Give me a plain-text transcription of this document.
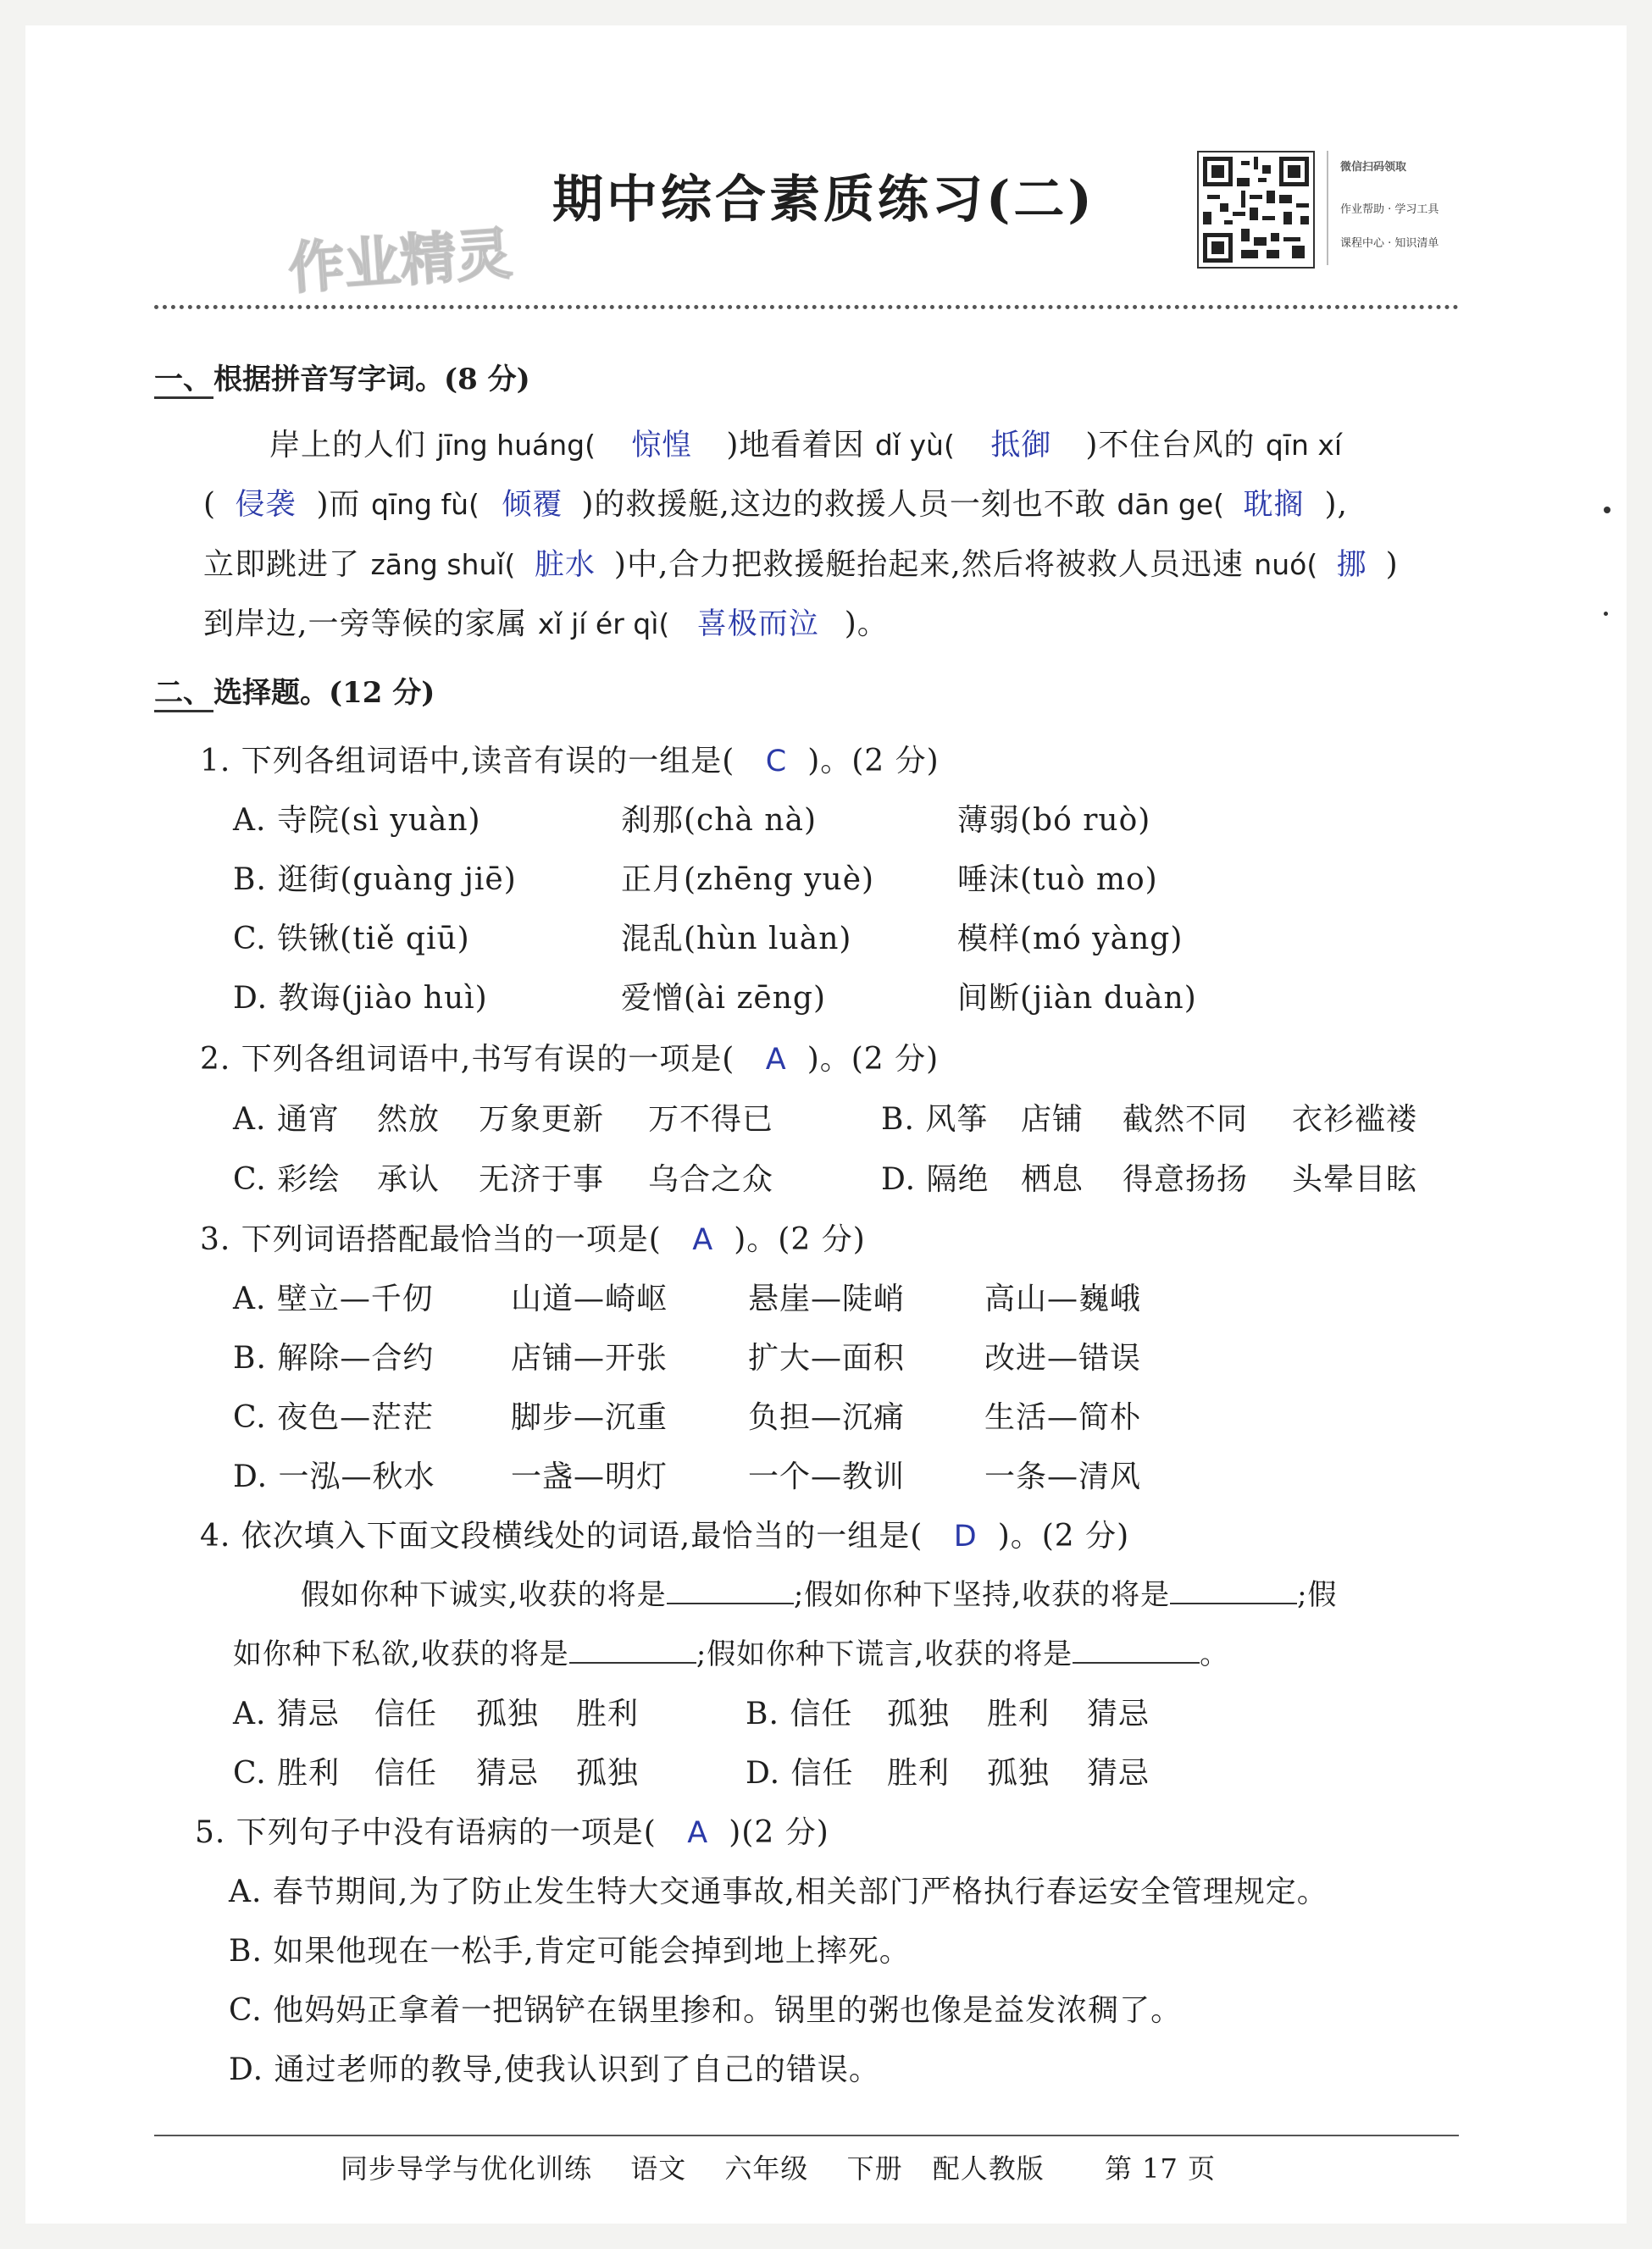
期中综合素质练习(二)
作业精灵
微信扫码领取
作业帮助 · 学习工具
课程中心 · 知识清单
一、根据拼音写字词。(8 分)
岸上的人们 jīng huáng( 惊惶 )地看着因 dǐ yù( 抵御 )不住台风的 qīn xí
( 侵袭 )而 qīng fù( 倾覆 )的救援艇,这边的救援人员一刻也不敢 dān ge( 耽搁 ),
立即跳进了 zāng shuǐ( 脏水 )中,合力把救援艇抬起来,然后将被救人员迅速 nuó( 挪 )
到岸边,一旁等候的家属 xǐ jí ér qì( 喜极而泣 )。
二、选择题。(12 分)
1. 下列各组词语中,读音有误的一组是( C )。(2 分)
A. 寺院(sì yuàn)	刹那(chà nà)	薄弱(bó ruò)
B. 逛街(guàng jiē)	正月(zhēng yuè)	唾沫(tuò mo)
C. 铁锹(tiě qiū)	混乱(hùn luàn)	模样(mó yàng)
D. 教诲(jiào huì)	爱憎(ài zēng)	间断(jiàn duàn)
2. 下列各组词语中,书写有误的一项是( A )。(2 分)
A. 通宵 然放 万象更新 万不得已	B. 风筝 店铺 截然不同 衣衫褴褛
C. 彩绘 承认 无济于事 乌合之众	D. 隔绝 栖息 得意扬扬 头晕目眩
3. 下列词语搭配最恰当的一项是( A )。(2 分)
A. 壁立—千仞	山道—崎岖	悬崖—陡峭	高山—巍峨
B. 解除—合约	店铺—开张	扩大—面积	改进—错误
C. 夜色—茫茫	脚步—沉重	负担—沉痛	生活—简朴
D. 一泓—秋水 一盏—明灯	一个—教训	一条—清风
4. 依次填入下面文段横线处的词语,最恰当的一组是( D )。(2 分)
假如你种下诚实,收获的将是	;假如你种下坚持,收获的将是	;假
如你种下私欲,收获的将是	;假如你种下谎言,收获的将是	。
A. 猜忌 信任 孤独 胜利	B. 信任 孤独 胜利 猜忌
C. 胜利 信任 猜忌 孤独	D. 信任 胜利 孤独 猜忌
5. 下列句子中没有语病的一项是( A )(2 分)
A. 春节期间,为了防止发生特大交通事故,相关部门严格执行春运安全管理规定。
B. 如果他现在一松手,肯定可能会掉到地上摔死。
C. 他妈妈正拿着一把锅铲在锅里掺和。锅里的粥也像是益发浓稠了。
D. 通过老师的教导,使我认识到了自己的错误。
同步导学与优化训练 语文 六年级 下册 配人教版 第 17 页
